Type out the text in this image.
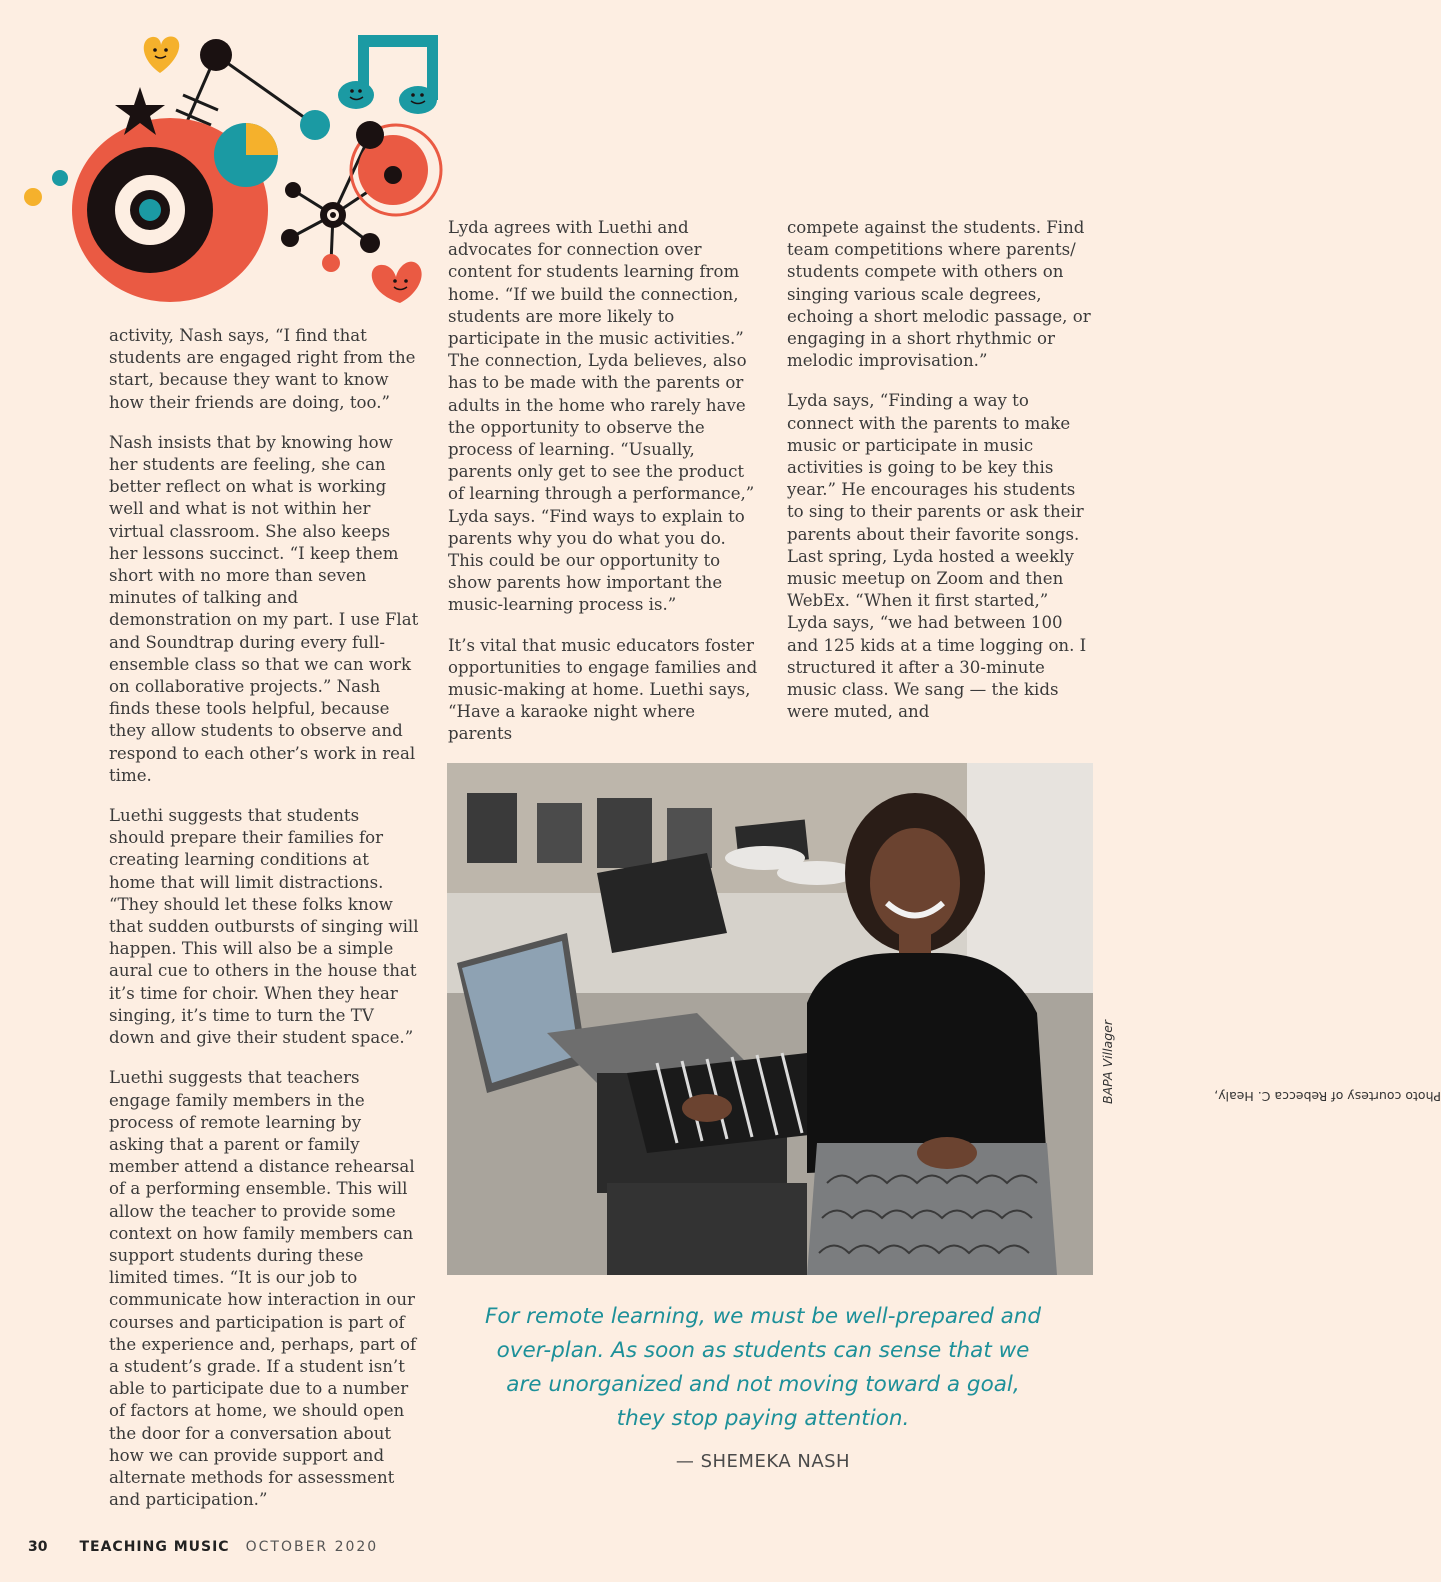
activity, Nash says, “I find that students are engaged right from the start, because they want to know how their friends are doing, too.”

Nash insists that by knowing how her students are feeling, she can better reflect on what is working well and what is not within her virtual classroom. She also keeps her lessons succinct. “I keep them short with no more than seven minutes of talking and demonstration on my part. I use Flat and Soundtrap during every full-ensemble class so that we can work on collaborative projects.” Nash finds these tools helpful, because they allow students to observe and respond to each other’s work in real time.

Luethi suggests that students should prepare their families for creating learning conditions at home that will limit distractions. “They should let these folks know that sudden outbursts of singing will happen. This will also be a simple aural cue to others in the house that it’s time for choir. When they hear singing, it’s time to turn the TV down and give their student space.”

Luethi suggests that teachers engage family members in the process of remote learning by asking that a parent or family member attend a distance rehearsal of a performing ensemble. This will allow the teacher to provide some context on how family members can support students during these limited times. “It is our job to communicate how interaction in our courses and participation is part of the experience and, perhaps, part of a student’s grade. If a student isn’t able to participate due to a number of factors at home, we should open the door for a conversation about how we can provide support and alternate methods for assessment and participation.”

Lyda agrees with Luethi and advocates for connection over content for students learning from home. “If we build the connection, students are more likely to participate in the music activities.” The connection, Lyda believes, also has to be made with the parents or adults in the home who rarely have the opportunity to observe the process of learning. “Usually, parents only get to see the product of learning through a performance,” Lyda says. “Find ways to explain to parents why you do what you do. This could be our opportunity to show parents how important the music-learning process is.”

It’s vital that music educators foster opportunities to engage families and music-making at home. Luethi says, “Have a karaoke night where parents

compete against the students. Find team competitions where parents/ students compete with others on singing various scale degrees, echoing a short melodic passage, or engaging in a short rhythmic or melodic improvisation.”

Lyda says, “Finding a way to connect with the parents to make music or participate in music activities is going to be key this year.” He encourages his students to sing to their parents or ask their parents about their favorite songs. Last spring, Lyda hosted a weekly music meetup on Zoom and then WebEx. “When it first started,” Lyda says, “we had between 100 and 125 kids at a time logging on. I structured it after a 30-minute music class. We sang — the kids were muted, and

Photo courtesy of Rebecca C. Healy,
BAPA Villager
For remote learning, we must be well-prepared and over-plan. As soon as students can sense that we are unorganized and not moving toward a goal, they stop paying attention.
— SHEMEKA NASH
30 TEACHING MUSIC OCTOBER 2020
